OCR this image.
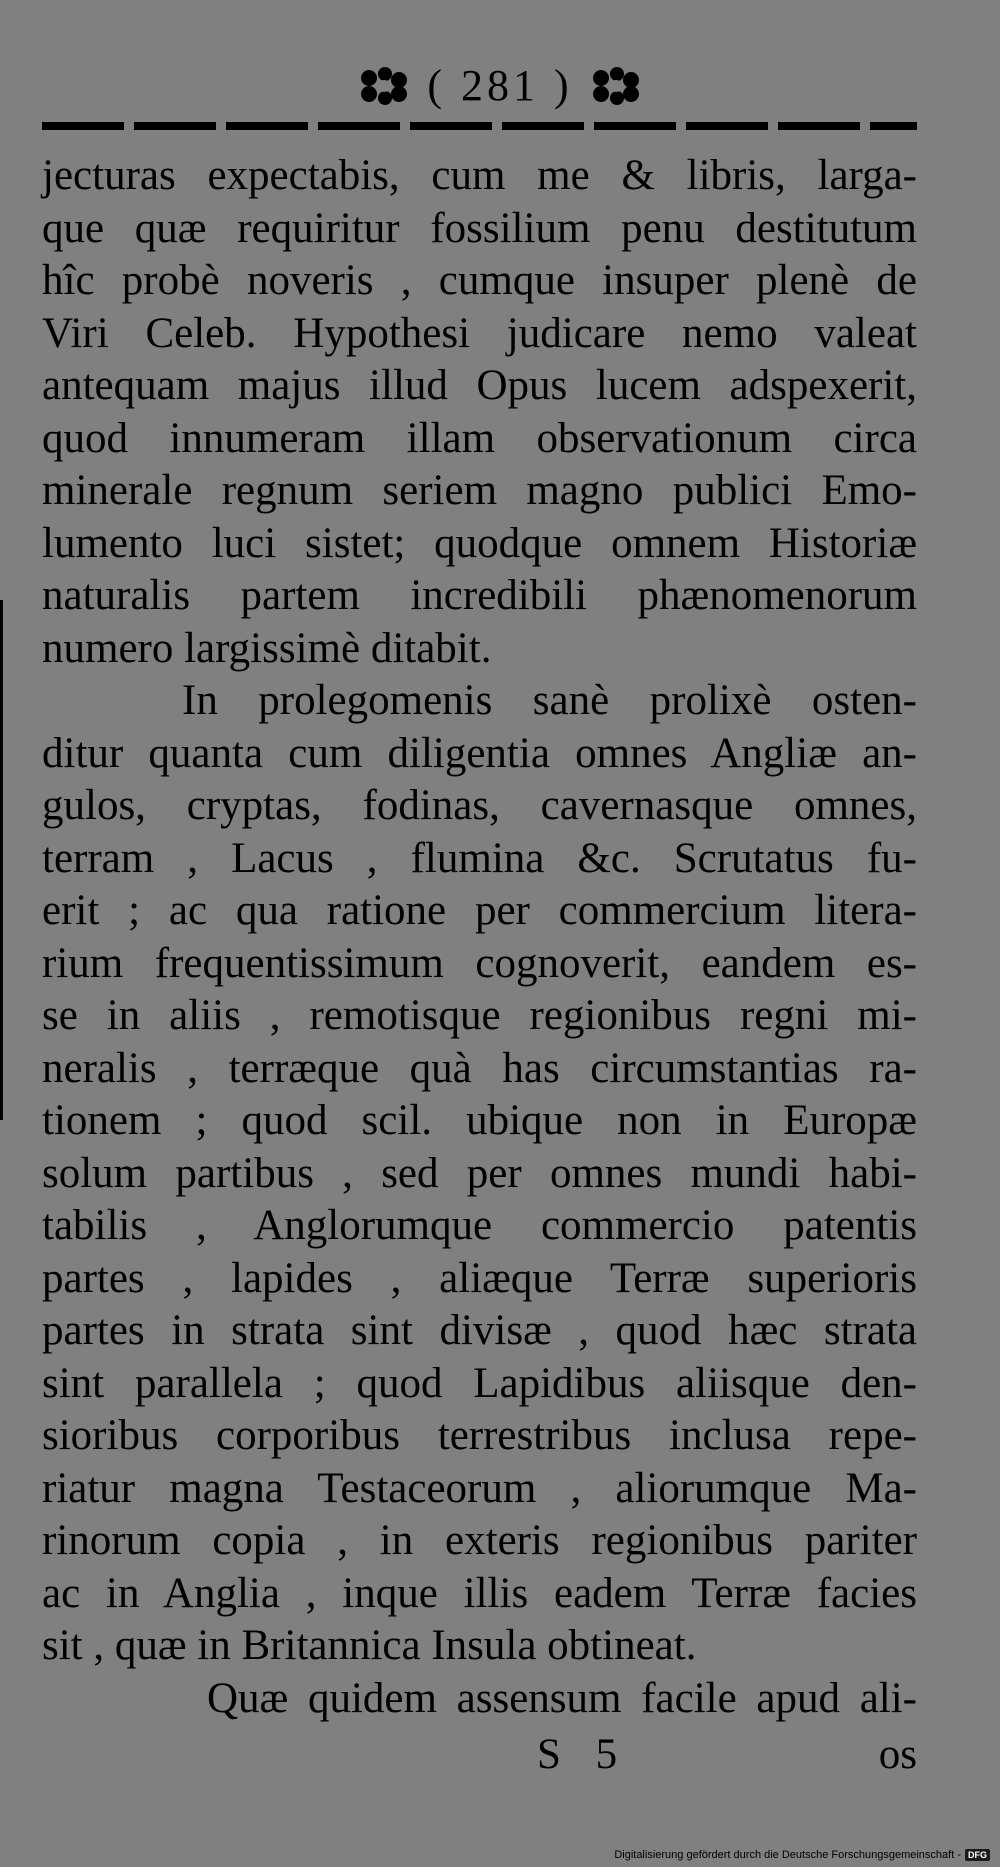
( 281 )
jecturas expectabis, cum me & libris, larga-
que quæ requiritur fossilium penu destitutum
hîc probè noveris , cumque insuper plenè de
Viri Celeb. Hypothesi judicare nemo valeat
antequam majus illud Opus lucem adspexerit,
quod innumeram illam observationum circa
minerale regnum seriem magno publici Emo-
lumento luci sistet; quodque omnem Historiæ
naturalis partem incredibili phænomenorum
numero largissimè ditabit.
In prolegomenis sanè prolixè osten-
ditur quanta cum diligentia omnes Angliæ an-
gulos, cryptas, fodinas, cavernasque omnes,
terram , Lacus , flumina &c. Scrutatus fu-
erit ; ac qua ratione per commercium litera-
rium frequentissimum cognoverit, eandem es-
se in aliis , remotisque regionibus regni mi-
neralis , terræque quà has circumstantias ra-
tionem ; quod scil. ubique non in Europæ
solum partibus , sed per omnes mundi habi-
tabilis , Anglorumque commercio patentis
partes , lapides , aliæque Terræ superioris
partes in strata sint divisæ , quod hæc strata
sint parallela ; quod Lapidibus aliisque den-
sioribus corporibus terrestribus inclusa repe-
riatur magna Testaceorum , aliorumque Ma-
rinorum copia , in exteris regionibus pariter
ac in Anglia , inque illis eadem Terræ facies
sit , quæ in Britannica Insula obtineat.
Quæ quidem assensum facile apud ali-
S 5	os
Digitalisierung gefördert durch die Deutsche Forschungsgemeinschaft - DFG
